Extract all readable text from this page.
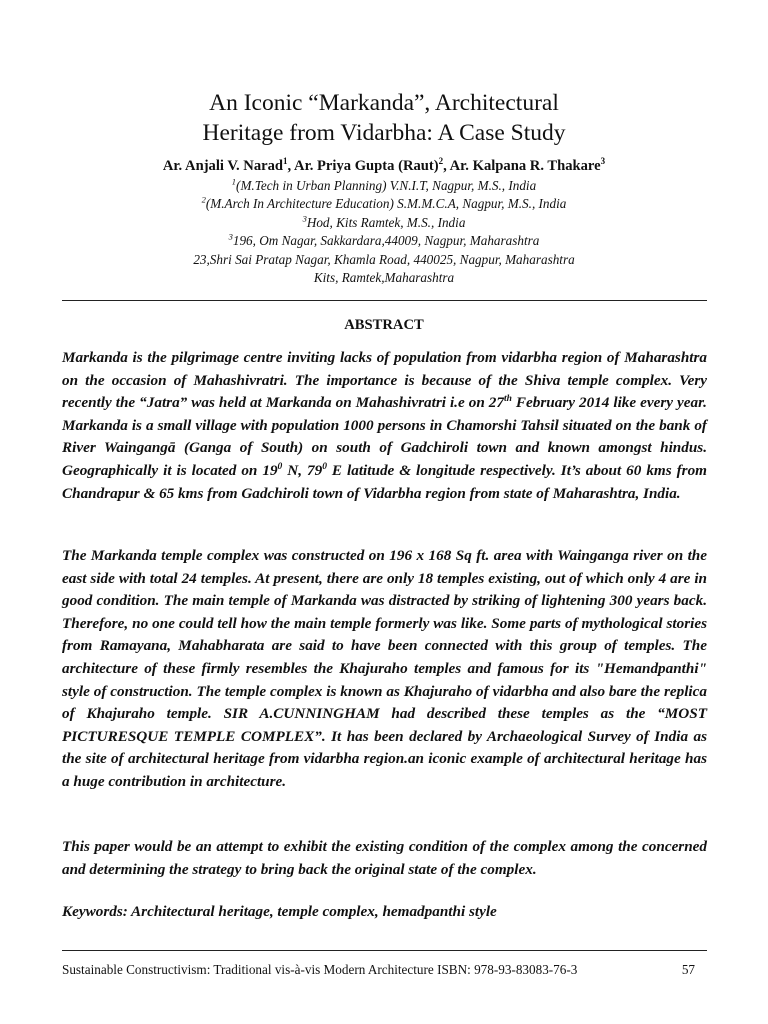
An Iconic “Markanda”, Architectural
Heritage from Vidarbha: A Case Study
Ar. Anjali V. Narad$^1$, Ar. Priya Gupta (Raut)$^2$, Ar. Kalpana R. Thakare$^3$
$^1$(M.Tech in Urban Planning) V.N.I.T, Nagpur, M.S., India
$^2$(M.Arch In Architecture Education) S.M.M.C.A, Nagpur, M.S., India
$^3$Hod, Kits Ramtek, M.S., India
$^3$196, Om Nagar, Sakkardara,44009, Nagpur, Maharashtra
23,Shri Sai Pratap Nagar, Khamla Road, 440025, Nagpur, Maharashtra
Kits, Ramtek,Maharashtra
ABSTRACT
Markanda is the pilgrimage centre inviting lacks of population from vidarbha region of Maharashtra on the occasion of Mahashivratri. The importance is because of the Shiva temple complex. Very recently the “Jatra” was held at Markanda on Mahashivratri i.e on 27th February 2014 like every year. Markanda is a small village with population 1000 persons in Chamorshi Tahsil situated on the bank of River Waingangā (Ganga of South) on south of Gadchiroli town and known amongst hindus. Geographically it is located on $19^0$ N, $79^0$ E latitude & longitude respectively. It’s about 60 kms from Chandrapur & 65 kms from Gadchiroli town of Vidarbha region from state of Maharashtra, India.
The Markanda temple complex was constructed on 196 x 168 Sq ft. area with Wainganga river on the east side with total 24 temples. At present, there are only 18 temples existing, out of which only 4 are in good condition. The main temple of Markanda was distracted by striking of lightening 300 years back. Therefore, no one could tell how the main temple formerly was like. Some parts of mythological stories from Ramayana, Mahabharata are said to have been connected with this group of temples. The architecture of these firmly resembles the Khajuraho temples and famous for its "Hemandpanthi" style of construction. The temple complex is known as Khajuraho of vidarbha and also bare the replica of Khajuraho temple. SIR A.CUNNINGHAM had described these temples as the “MOST PICTURESQUE TEMPLE COMPLEX”. It has been declared by Archaeological Survey of India as the site of architectural heritage from vidarbha region.an iconic example of architectural heritage has a huge contribution in architecture.
This paper would be an attempt to exhibit the existing condition of the complex among the concerned and determining the strategy to bring back the original state of the complex.
Keywords: Architectural heritage, temple complex, hemadpanthi style
Sustainable Constructivism: Traditional vis-à-vis Modern Architecture ISBN: 978-93-83083-76-3	57
